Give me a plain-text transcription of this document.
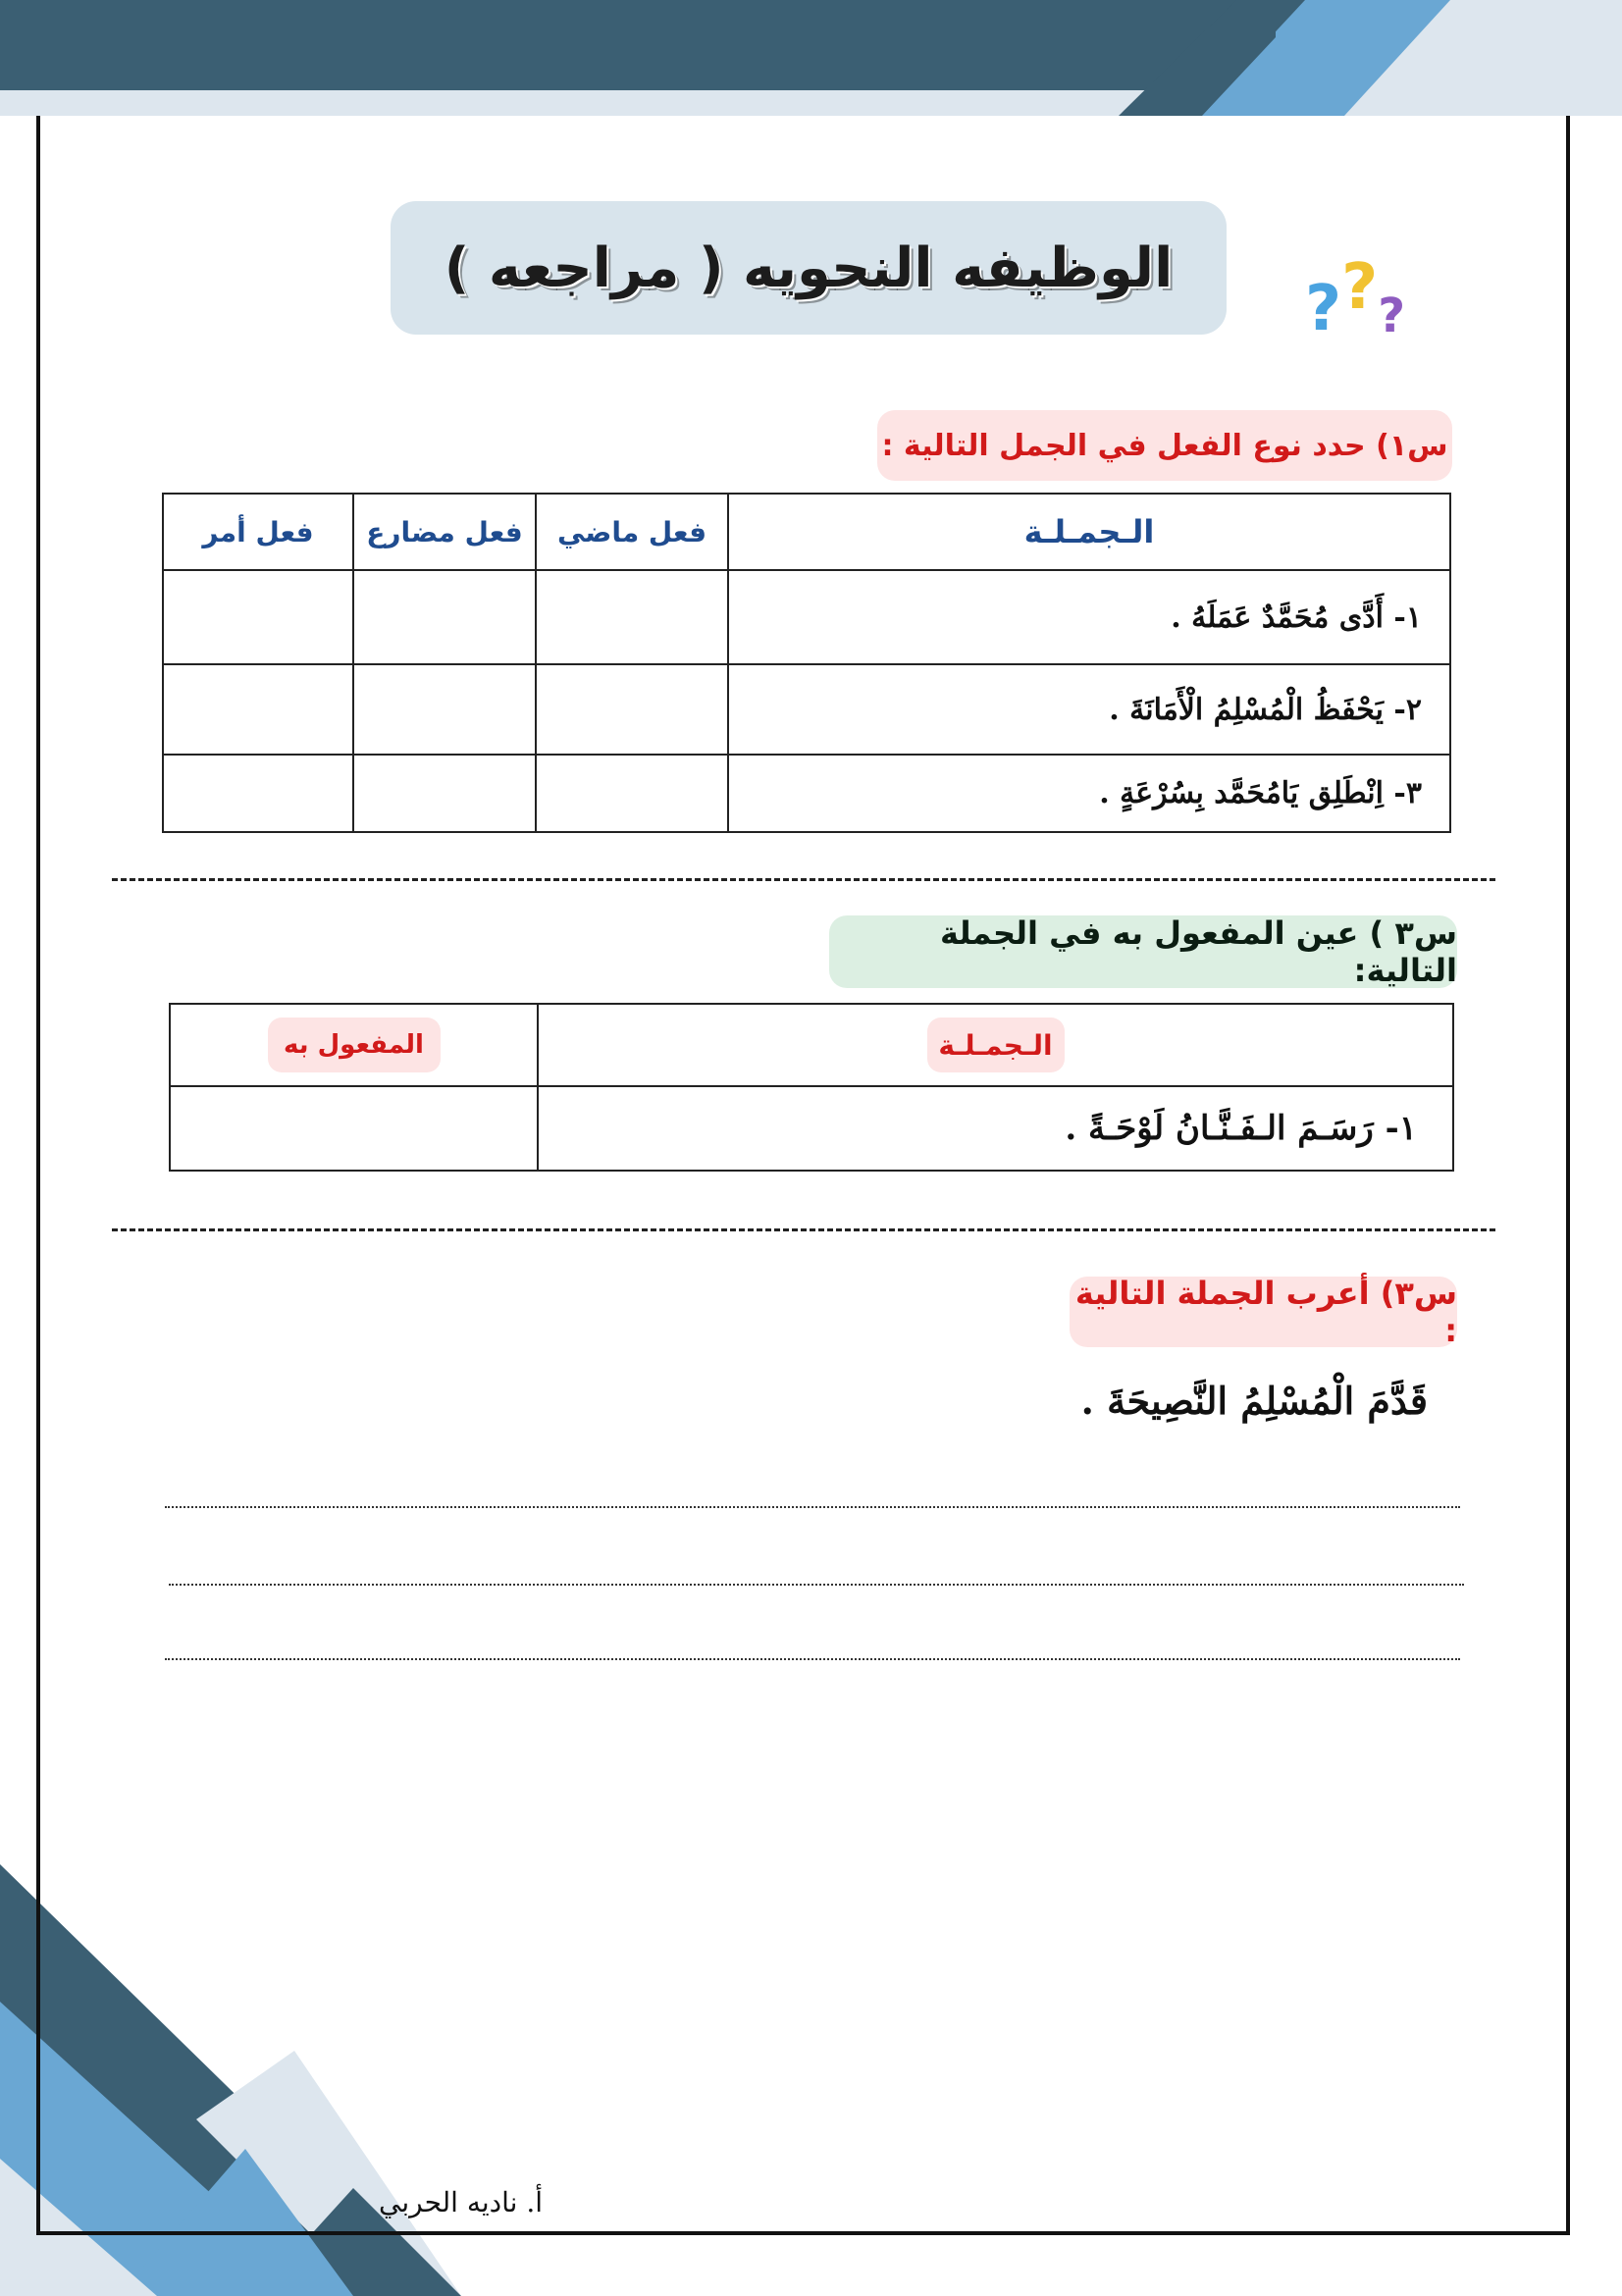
الوظيفه النحويه ( مراجعه )
???
س١) حدد نوع الفعل في الجمل التالية :
الـجمـلـة	فعل ماضي	فعل مضارع	فعل أمر
١- أَدَّى مُحَمَّدٌ عَمَلَهُ .			
٢- يَحْفَظُ الْمُسْلِمُ الْأَمَانَةَ .			
٣- اِنْطَلِق يَامُحَمَّد بِسُرْعَةٍ .			
س٣ ) عين المفعول به في الجملة التالية:
الـجمـلـة	المفعول به
١- رَسَـمَ الـفَـنَّـانُ لَوْحَـةً .	
س٣) أعرب الجملة التالية :
قَدَّمَ الْمُسْلِمُ النَّصِيحَةَ .
أ. ناديه الحربي
